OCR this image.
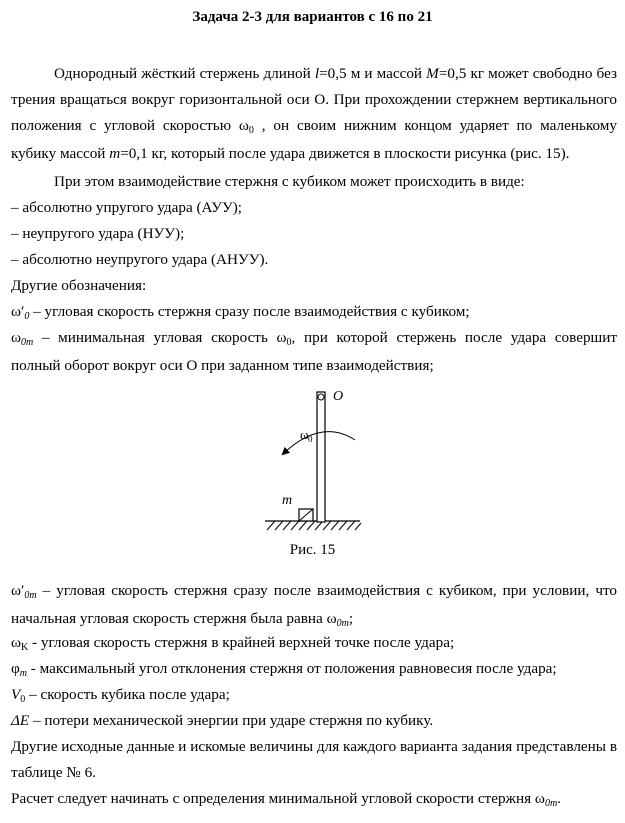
Задача 2-3 для вариантов с 16 по 21
Однородный жёсткий стержень длиной l=0,5 м и массой M=0,5 кг может свободно без трения вращаться вокруг горизонтальной оси О. При прохождении стержнем вертикального положения с угловой скоростью ω0 , он своим нижним концом ударяет по маленькому кубику массой m=0,1 кг, который после удара движется в плоскости рисунка (рис. 15).
При этом взаимодействие стержня с кубиком может происходить в виде:
– абсолютно упругого удара (АУУ);
– неупругого удара (НУУ);
– абсолютно неупругого удара (АНУУ).
Другие обозначения:
ω′0 – угловая скорость стержня сразу после взаимодействия с кубиком;
ω0m – минимальная угловая скорость ω0, при которой стержень после удара совершит полный оборот вокруг оси О при заданном типе взаимодействия;
O
ω 0
m
Рис. 15
ω′0m – угловая скорость стержня сразу после взаимодействия с кубиком, при условии, что начальная угловая скорость стержня была равна ω0m;
ωK - угловая скорость стержня в крайней верхней точке после удара;
φm - максимальный угол отклонения стержня от положения равновесия после удара;
V0 – скорость кубика после удара;
ΔE – потери механической энергии при ударе стержня по кубику.
Другие исходные данные и искомые величины для каждого варианта задания представлены в таблице № 6.
Расчет следует начинать с определения минимальной угловой скорости стержня ω0m.
